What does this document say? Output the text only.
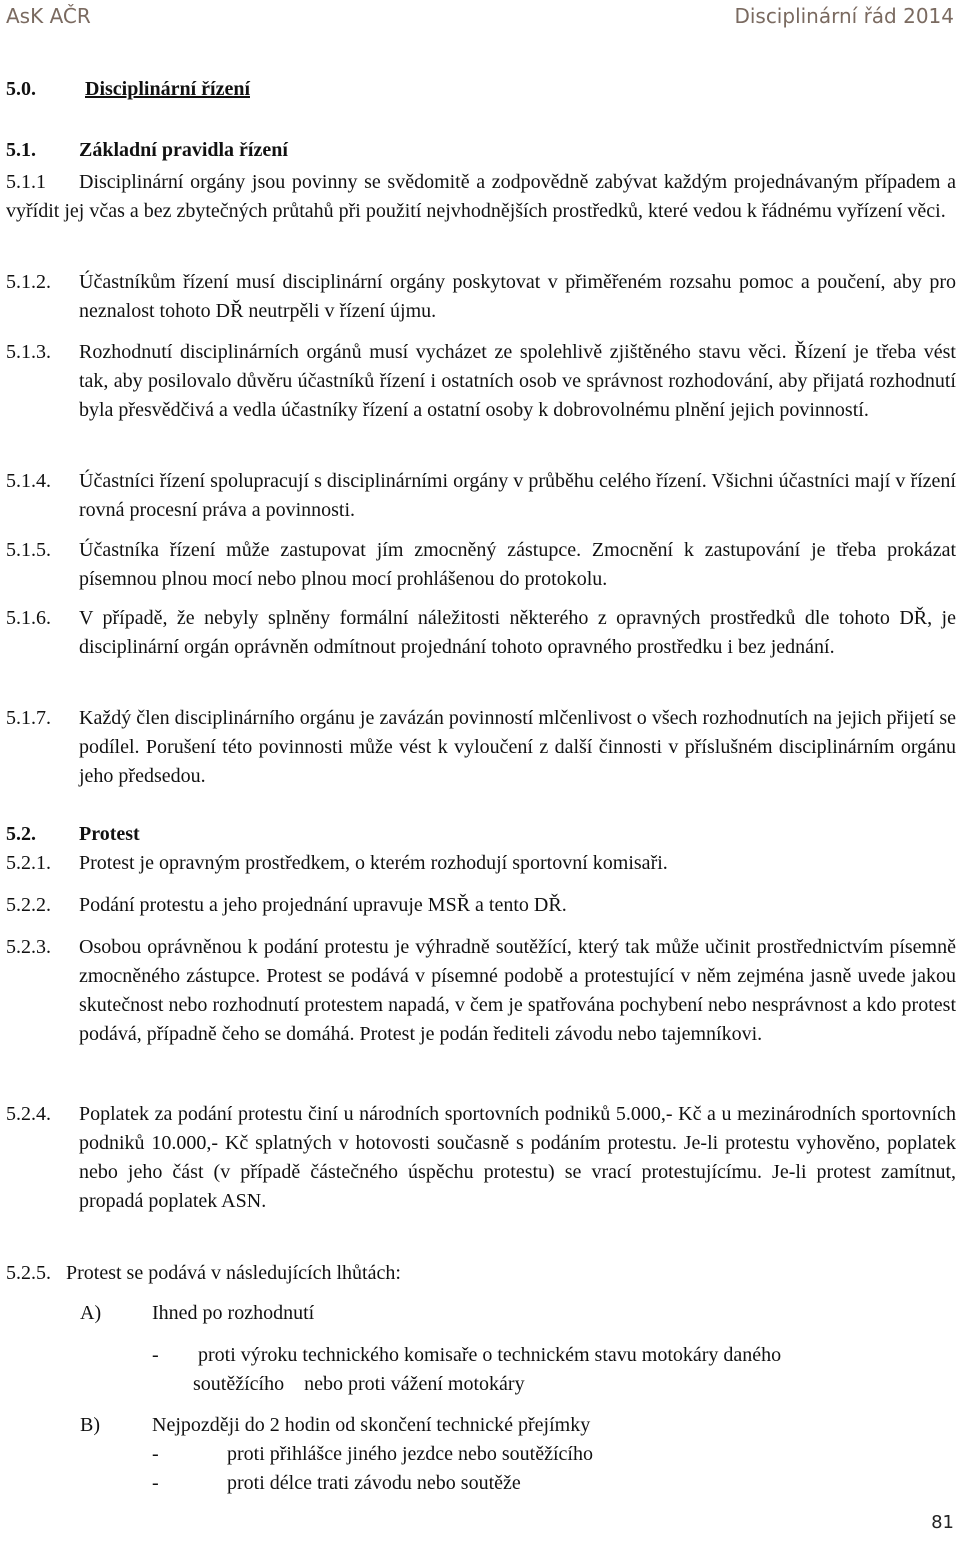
AsK AČR	Disciplinární řád 2014
5.0. Disciplinární řízení
5.1. Základní pravidla řízení
5.1.1	Disciplinární orgány jsou povinny se svědomitě a zodpovědně zabývat každým projednávaným případem a vyřídit jej včas a bez zbytečných průtahů při použití nejvhodnějších prostředků, které vedou k řádnému vyřízení věci.
5.1.2. Účastníkům řízení musí disciplinární orgány poskytovat v přiměřeném rozsahu pomoc a poučení, aby pro neznalost tohoto DŘ neutrpěli v řízení újmu.
5.1.3. Rozhodnutí disciplinárních orgánů musí vycházet ze spolehlivě zjištěného stavu věci. Řízení je třeba vést tak, aby posilovalo důvěru účastníků řízení i ostatních osob ve správnost rozhodování, aby přijatá rozhodnutí byla přesvědčivá a vedla účastníky řízení a ostatní osoby k dobrovolnému plnění jejich povinností.
5.1.4. Účastníci řízení spolupracují s disciplinárními orgány v průběhu celého řízení. Všichni účastníci mají v řízení rovná procesní práva a povinnosti.
5.1.5. Účastníka řízení může zastupovat jím zmocněný zástupce. Zmocnění k zastupování je třeba prokázat písemnou plnou mocí nebo plnou mocí prohlášenou do protokolu.
5.1.6. V případě, že nebyly splněny formální náležitosti některého z opravných prostředků dle tohoto DŘ, je disciplinární orgán oprávněn odmítnout projednání tohoto opravného prostředku i bez jednání.
5.1.7. Každý člen disciplinárního orgánu je zavázán povinností mlčenlivost o všech rozhodnutích na jejich přijetí se podílel. Porušení této povinnosti může vést k vyloučení z další činnosti v příslušném disciplinárním orgánu jeho předsedou.
5.2. Protest
5.2.1. Protest je opravným prostředkem, o kterém rozhodují sportovní komisaři.
5.2.2. Podání protestu a jeho projednání upravuje MSŘ a tento DŘ.
5.2.3. Osobou oprávněnou k podání protestu je výhradně soutěžící, který tak může učinit prostřednictvím písemně zmocněného zástupce. Protest se podává v písemné podobě a protestující v něm zejména jasně uvede jakou skutečnost nebo rozhodnutí protestem napadá, v čem je spatřována pochybení nebo nesprávnost a kdo protest podává, případně čeho se domáhá. Protest je podán řediteli závodu nebo tajemníkovi.
5.2.4. Poplatek za podání protestu činí u národních sportovních podniků 5.000,- Kč a u mezinárodních sportovních podniků 10.000,- Kč splatných v hotovosti současně s podáním protestu. Je-li protestu vyhověno, poplatek nebo jeho část (v případě částečného úspěchu protestu) se vrací protestujícímu. Je-li protest zamítnut, propadá poplatek ASN.
5.2.5. Protest se podává v následujících lhůtách:
A)	Ihned po rozhodnutí
- proti výroku technického komisaře o technickém stavu motokáry daného
soutěžícího    nebo proti vážení motokáry
B)	Nejpozději do 2 hodin od skončení technické přejímky
-	proti přihlášce jiného jezdce nebo soutěžícího
-	proti délce trati závodu nebo soutěže
81
